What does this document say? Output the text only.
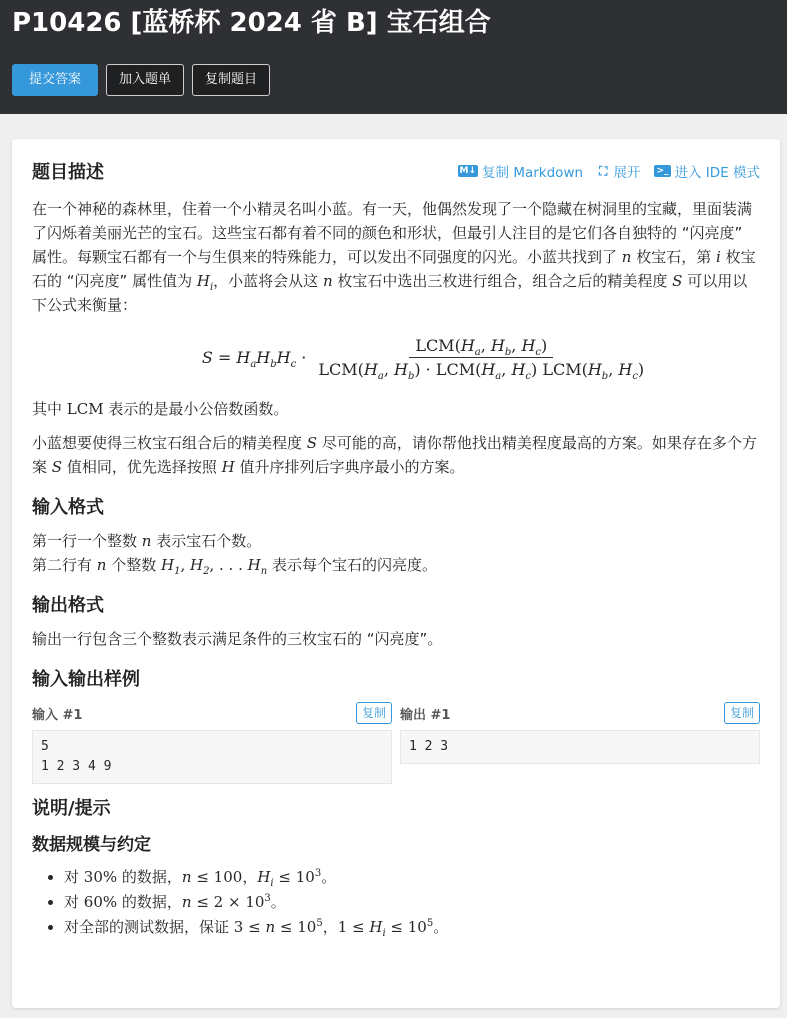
P10426 [蓝桥杯 2024 省 B] 宝石组合
提交答案	加入题单	复制题目
题目描述	M↓ 复制 Markdown ⛶ 展开 >_ 进入 IDE 模式

在一个神秘的森林里，住着一个小精灵名叫小蓝。有一天，他偶然发现了一个隐藏在树洞里的宝藏，里面装满了闪烁着美丽光芒的宝石。这些宝石都有着不同的颜色和形状，但最引人注目的是它们各自独特的 “闪亮度” 属性。每颗宝石都有一个与生俱来的特殊能力，可以发出不同强度的闪光。小蓝共找到了 n 枚宝石，第 i 枚宝石的 “闪亮度” 属性值为 $H_i$，小蓝将会从这 n 枚宝石中选出三枚进行组合，组合之后的精美程度 S 可以用以下公式来衡量：

$S = H_aH_bH_c \cdot \frac{LCM(H_a, H_b, H_c)}{LCM(H_a, H_b) \cdot LCM(H_a, H_c) LCM(H_b, H_c)}$

其中 LCM 表示的是最小公倍数函数。

小蓝想要使得三枚宝石组合后的精美程度 S 尽可能的高，请你帮他找出精美程度最高的方案。如果存在多个方案 S 值相同，优先选择按照 H 值升序排列后字典序最小的方案。

输入格式

第一行一个整数 n 表示宝石个数。

第二行有 n 个整数 $H_1$, $H_2$, . . . $H_n$ 表示每个宝石的闪亮度。

输出格式

输出一行包含三个整数表示满足条件的三枚宝石的 “闪亮度”。

输入输出样例
输入 #1	复制
5
1 2 3 4 9
输出 #1	复制
1 2 3
说明/提示
数据规模与约定
• 对 30% 的数据，n ≤ 100，$H_i \le 10^3$。
• 对 60% 的数据，$n \le 2 \times 10^3$。
• 对全部的测试数据，保证 $3 \le n \le 10^5$，$1 \le H_i \le 10^5$。
